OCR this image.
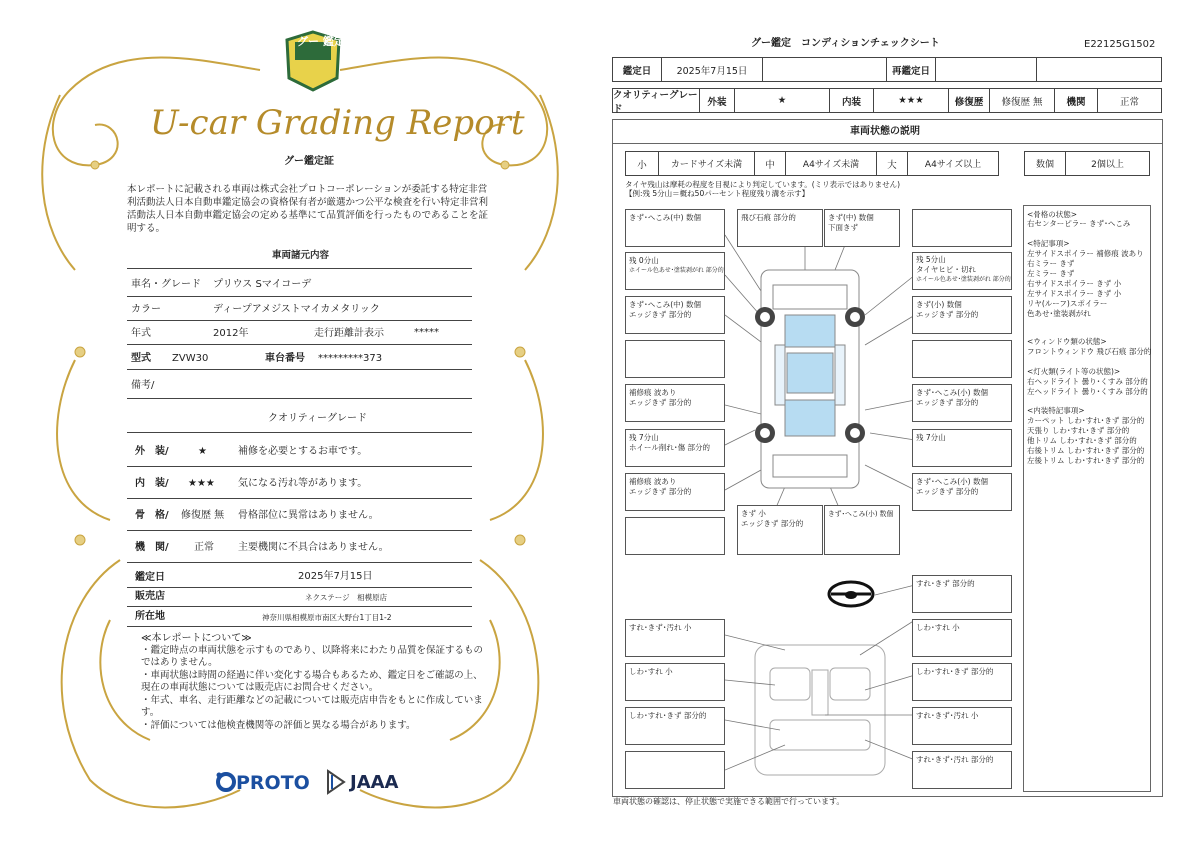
グー 鑑定
U-car Grading Report
グー鑑定証
本レポートに記載される車両は株式会社プロトコーポレーションが委託する特定非営利活動法人日本自動車鑑定協会の資格保有者が厳選かつ公平な検査を行い特定非営利活動法人日本自動車鑑定協会の定める基準にて品質評価を行ったものであることを証明する。
車両諸元内容
車名・グレード プリウス Sマイコーデ
カラー	ディープアメジストマイカメタリック
年式	2012年	走行距離計表示	*****
型式 ZVW30	車台番号 *********373
備考/
クオリティーグレード
外　装/	★	補修を必要とするお車です。
内　装/ ★★★ 気になる汚れ等があります。
骨　格/ 修復歴 無 骨格部位に異常はありません。
機　関/	正常 主要機関に不具合はありません。
鑑定日	2025年7月15日
販売店	ネクステージ　相模原店
所在地	神奈川県相模原市南区大野台1丁目1-2
≪本レポートについて≫
・鑑定時点の車両状態を示すものであり、以降将来にわたり品質を保証するものではありません。
・車両状態は時間の経過に伴い変化する場合もあるため、鑑定日をご確認の上、現在の車両状態については販売店にお問合せください。
・年式、車名、走行距離などの記載については販売店申告をもとに作成しています。
・評価については他検査機関等の評価と異なる場合があります。
PROTO JAAA
グー鑑定　コンディションチェックシート	E22125G1502
鑑定日	2025年7月15日	再鑑定日
クオリティーグレード
外装	★	内装	★★★	修復歴	修復歴 無	機関	正常
車両状態の説明
小	カードサイズ未満	中	A4サイズ未満	大	A4サイズ以上	数個	2個以上
タイヤ残山は摩耗の程度を目視により判定しています。(ミリ表示ではありません)
【例:残 5分山＝概ね50パーセント程度残り溝を示す】
<骨格の状態>
右センターピラー きず･へこみ
<特記事項>
左サイドスポイラー 補修痕 波あり
右ミラー きず
左ミラー きず
右サイドスポイラー きず 小
左サイドスポイラー きず 小
リヤ(ルーフ)スポイラー
色あせ･塗装剥がれ
<ウィンドウ類の状態>
フロントウィンドウ 飛び石痕 部分的
<灯火類(ライト等の状態)>
右ヘッドライト 曇り･くすみ 部分的
左ヘッドライト 曇り･くすみ 部分的
<内装特記事項>
カーペット しわ･すれ･きず 部分的
天張り しわ･すれ･きず 部分的
他トリム しわ･すれ･きず 部分的
右後トリム しわ･すれ･きず 部分的
左後トリム しわ･すれ･きず 部分的
きず･へこみ(中) 数個
残 0分山
ホイール色あせ･塗装剥がれ 部分的
きず･へこみ(中) 数個
エッジきず 部分的
補修痕 波あり
エッジきず 部分的
残 7分山
ホイール削れ･傷 部分的
補修痕 波あり
エッジきず 部分的
飛び石痕 部分的	きず(中) 数個
下面きず
残 5分山
タイヤヒビ・切れ
ホイール色あせ･塗装剥がれ 部分的
きず(小) 数個
エッジきず 部分的
きず･へこみ(小) 数個
エッジきず 部分的
残 7分山
きず･へこみ(小) 数個
エッジきず 部分的
きず 小
エッジきず 部分的
きず･へこみ(小) 数個
すれ･きず 部分的
すれ･きず･汚れ 小	しわ･すれ 小
しわ･すれ 小	しわ･すれ･きず 部分的
しわ･すれ･きず 部分的	すれ･きず･汚れ 小
すれ･きず･汚れ 部分的
車両状態の確認は、停止状態で実施できる範囲で行っています。
